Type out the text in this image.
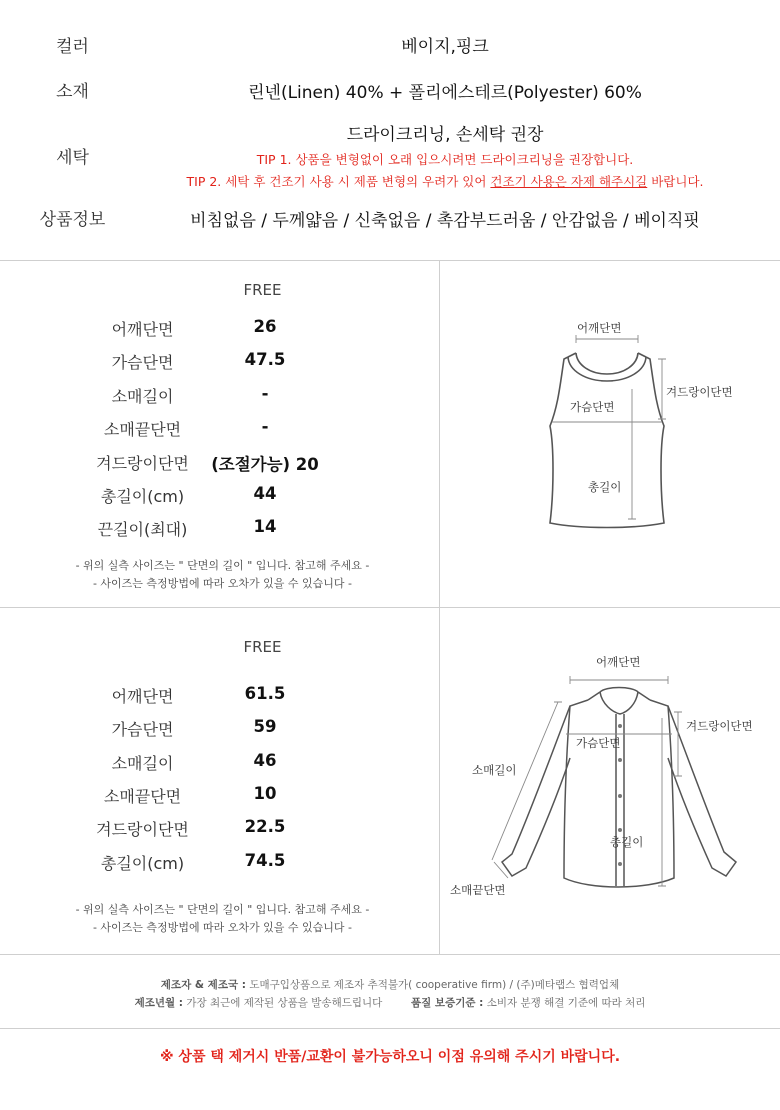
컬러	베이지,핑크
소재	린넨(Linen) 40% + 폴리에스테르(Polyester) 60%
세탁
드라이크리닝, 손세탁 권장
TIP 1. 상품을 변형없이 오래 입으시려면 드라이크리닝을 권장합니다.
TIP 2. 세탁 후 건조기 사용 시 제품 변형의 우려가 있어 건조기 사용은 자제 해주시길 바랍니다.
상품정보	비침없음 / 두께얇음 / 신축없음 / 촉감부드러움 / 안감없음 / 베이직핏
FREE
어깨단면	26
가슴단면	47.5
소매길이	-
소매끝단면	-
겨드랑이단면	(조절가능) 20
총길이(cm)	44
끈길이(최대)	14
- 위의 실측 사이즈는 " 단면의 길이 " 입니다. 참고해 주세요 -
- 사이즈는 측정방법에 따라 오차가 있을 수 있습니다 -
어깨단면
겨드랑이단면
가슴단면
총길이
FREE
어깨단면	61.5
가슴단면	59
소매길이	46
소매끝단면	10
겨드랑이단면	22.5
총길이(cm)	74.5
- 위의 실측 사이즈는 " 단면의 길이 " 입니다. 참고해 주세요 -
- 사이즈는 측정방법에 따라 오차가 있을 수 있습니다 -
어깨단면
겨드랑이단면
가슴단면
소매길이
소매끝단면
총길이
제조자 & 제조국 : 도매구입상품으로 제조자 추적불가( cooperative firm) / (주)메타랩스 협력업체
제조년월 : 가장 최근에 제작된 상품을 발송해드립니다	품질 보증기준 : 소비자 분쟁 해결 기준에 따라 처리
※ 상품 택 제거시 반품/교환이 불가능하오니 이점 유의해 주시기 바랍니다.
